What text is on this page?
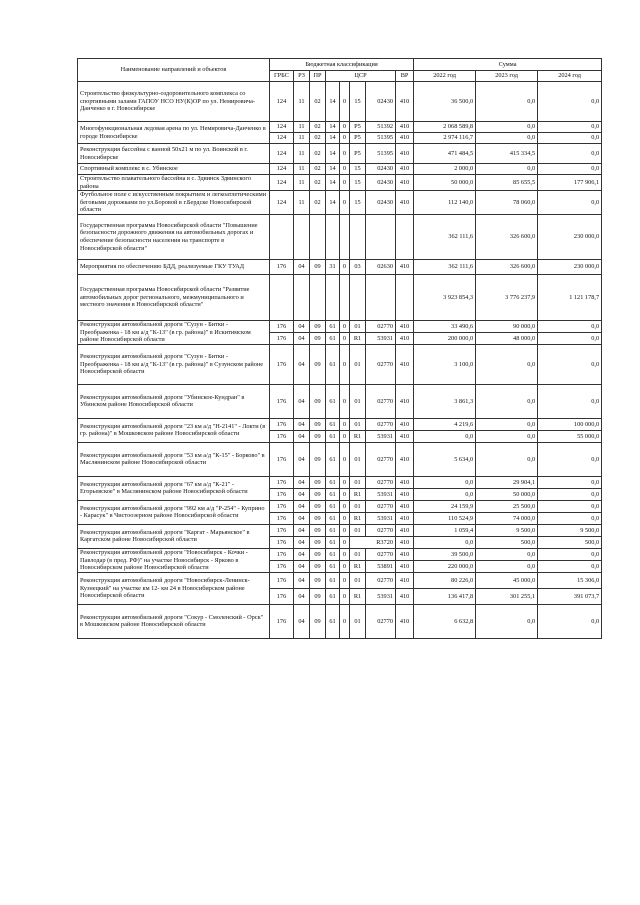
Наименование направлений и объектов	Бюджетная классификация								Сумма		
	ГРБС	РЗ	ПР	ЦСР				ВР	2022 год	2023 год	2024 год
Строительство физкультурно-оздоровительного комплекса со спортивными залами ГАПОУ НСО НУ(К)ОР по ул. Немировича-Данченко в г. Новосибирске	124	11	02	14	0	15	02430	410	36 500,0	0,0	0,0
Многофункциональная ледовая арена по ул. Немировича-Данченко в городе Новосибирске	124	11	02	14	0	P5	51392	410	2 068 589,8	0,0	0,0
	124	11	02	14	0	P5	51395	410	2 974 116,7	0,0	0,0
Реконструкция бассейна с ванной 50х21 м по ул. Воинской в г. Новосибирске	124	11	02	14	0	P5	51395	410	471 484,5	415 334,5	0,0
Спортивный комплекс в с. Убинское	124	11	02	14	0	15	02430	410	2 000,0	0,0	0,0
Строительство плавательного бассейна в с. Здвинск Здвинского района	124	11	02	14	0	15	02430	410	50 000,0	85 655,5	177 906,1
Футбольное поле с искусственным покрытием и легкоатлетическими беговыми дорожками по ул.Боровой в г.Бердске Новосибирской области	124	11	02	14	0	15	02430	410	112 140,0	78 060,0	0,0
Государственная программа Новосибирской области "Повышение безопасности дорожного движения на автомобильных дорогах и обеспечение безопасности населения на транспорте в Новосибирской области"									362 111,6	326 600,0	230 000,0
Мероприятия по обеспечению БДД, реализуемые ГКУ ТУАД	176	04	09	31	0	03	02630	410	362 111,6	326 600,0	230 000,0
Государственная программа Новосибирской области "Развитие автомобильных дорог регионального, межмуниципального и местного значения в Новосибирской области"									3 923 854,3	3 776 237,9	1 121 178,7
Реконструкция автомобильной дороги "Сузун - Битки - Преображенка - 18 км а/д "К-13" (в гр. района)" в Искитимском районе Новосибирской области	176	04	09	61	0	01	02770	410	33 490,6	90 000,0	0,0
	176	04	09	61	0	R1	53931	410	200 000,0	48 000,0	0,0
Реконструкция автомобильной дороги "Сузун - Битки - Преображенка - 18 км а/д "К-13" (в гр. района)" в Сузунском районе Новосибирской области	176	04	09	61	0	01	02770	410	3 100,0	0,0	0,0
Реконструкция автомобильной дороги "Убинское-Кундран" в Убинском районе Новосибирской области	176	04	09	61	0	01	02770	410	3 861,3	0,0	0,0
Реконструкция автомобильной дороги "23 км а/д "Н-2141" - Локти (в гр. района)" в Мошковском районе Новосибирской области	176	04	09	61	0	01	02770	410	4 219,6	0,0	100 000,0
	176	04	09	61	0	R1	53931	410	0,0	0,0	55 000,0
Реконструкция автомобильной дороги "53 км а/д "К-15" - Борково" в Маслянинском районе Новосибирской области	176	04	09	61	0	01	02770	410	5 634,0	0,0	0,0
Реконструкция автомобильной дороги "67 км а/д "К-21" - Егорьевское" в Маслянинском районе Новосибирской области	176	04	09	61	0	01	02770	410	0,0	29 904,1	0,0
	176	04	09	61	0	R1	53931	410	0,0	50 000,0	0,0
Реконструкция автомобильной дороги "992 км а/д "Р-254" - Куприно - Карасук" в Чистоозерном районе Новосибирской области	176	04	09	61	0	01	02770	410	24 159,9	25 500,0	0,0
	176	04	09	61	0	R1	53931	410	110 524,9	74 000,0	0,0
Реконструкция автомобильной дороги "Каргат - Марьянское" в Каргатском районе Новосибирской области	176	04	09	61	0	01	02770	410	1 059,4	9 500,0	9 500,0
	176	04	09	61	0	R3720		410	0,0	500,0	500,0
Реконструкция автомобильной дороги "Новосибирск - Кочки - Павлодар (в пред. РФ)" на участке Новосибирск - Ярково в Новосибирском районе Новосибирской области	176	04	09	61	0	01	02770	410	39 500,0	0,0	0,0
	176	04	09	61	0	R1	53891	410	220 000,0	0,0	0,0
Реконструкция автомобильной дороги "Новосибирск-Ленинск-Кузнецкий" на участке км 12- км 24 в Новосибирском районе Новосибирской области	176	04	09	61	0	01	02770	410	80 226,0	45 000,0	15 306,0
	176	04	09	61	0	R1	53931	410	136 417,8	301 255,1	391 073,7
Реконструкция автомобильной дороги "Сокур - Смоленский - Орск" в Мошковском районе Новосибирской области	176	04	09	61	0	01	02770	410	6 632,8	0,0	0,0
